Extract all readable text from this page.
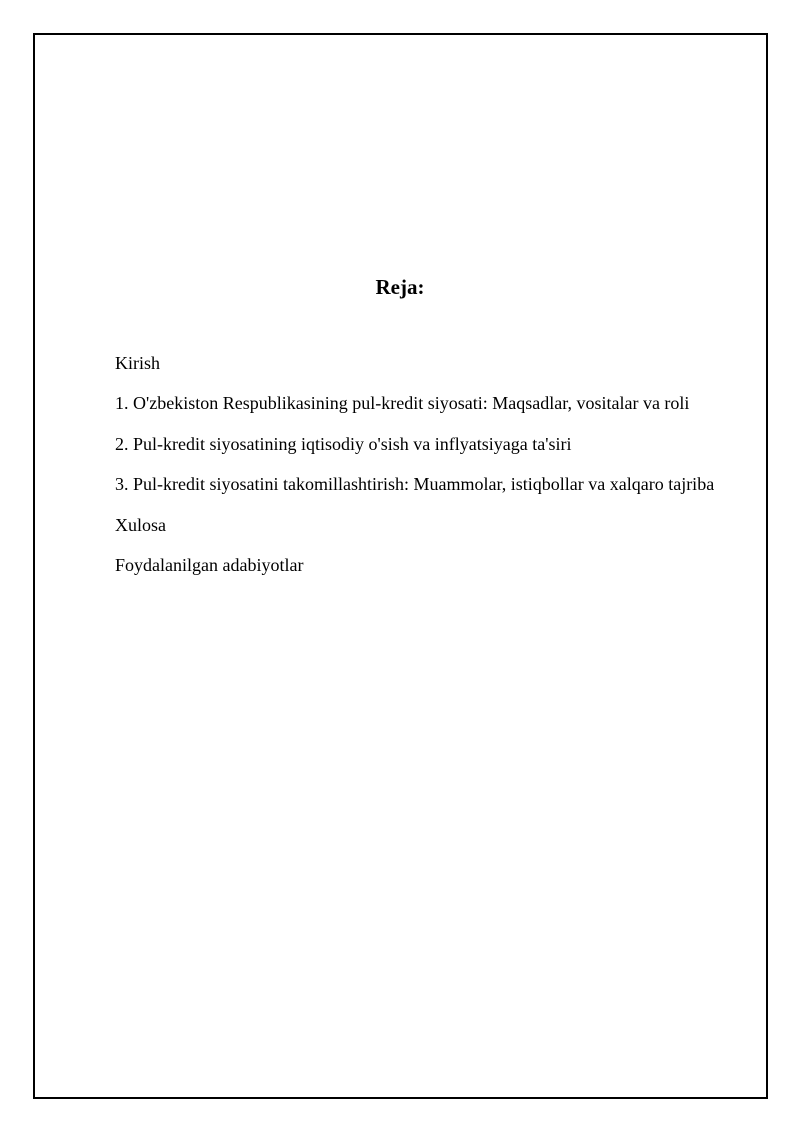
Reja:
Kirish
1. O'zbekiston Respublikasining pul-kredit siyosati: Maqsadlar, vositalar va roli
2. Pul-kredit siyosatining iqtisodiy o'sish va inflyatsiyaga ta'siri
3. Pul-kredit siyosatini takomillashtirish: Muammolar, istiqbollar va xalqaro tajriba
Xulosa
Foydalanilgan adabiyotlar
